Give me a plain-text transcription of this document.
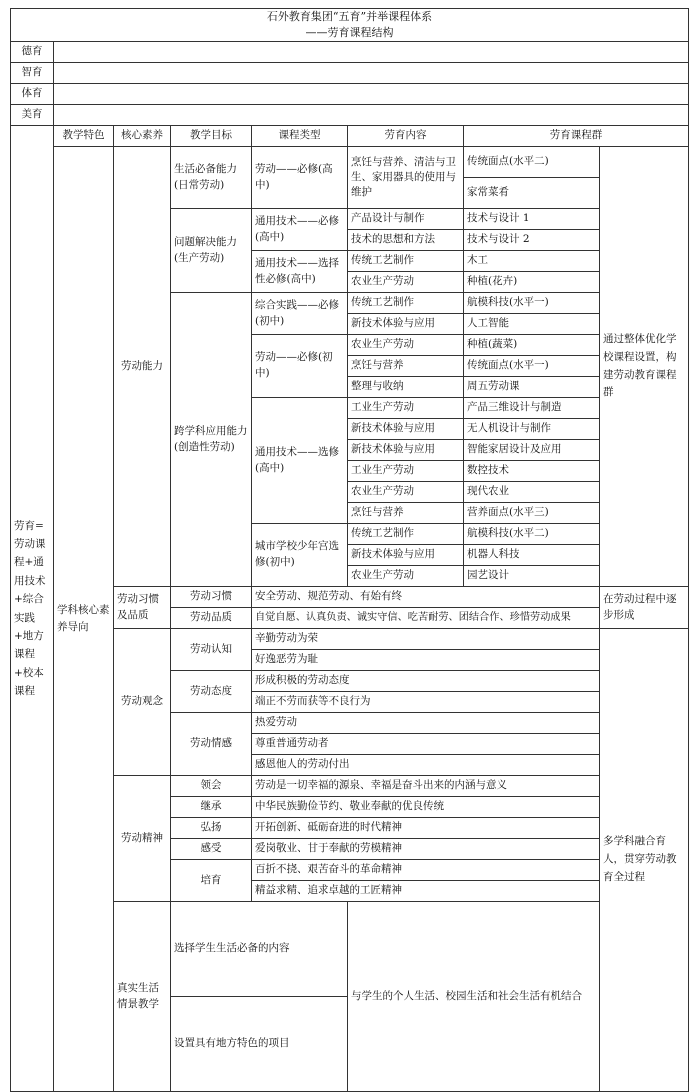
石外教育集团“五育”并举课程体系
——劳育课程结构								

德育								
智育								
体育								
美育								
劳育=劳动课程+通用技术+综合实践+地方课程+校本课程	教学特色	核心素养	教学目标	课程类型	劳育内容	劳育课程群		
	学科核心素养导向	劳动能力	生活必备能力(日常劳动)	劳动——必修(高中)	烹饪与营养、清洁与卫生、家用器具的使用与维护	传统面点(水平二)	通过整体优化学校课程设置，构建劳动教育课程群	
						家常菜肴		
			问题解决能力(生产劳动)	通用技术——必修(高中)	产品设计与制作	技术与设计 1		
					技术的思想和方法	技术与设计 2		
				通用技术——选择性必修(高中)	传统工艺制作	木工		
					农业生产劳动	种植(花卉)		
			跨学科应用能力(创造性劳动)	综合实践——必修(初中)	传统工艺制作	航模科技(水平一)		
					新技术体验与应用	人工智能		
				劳动——必修(初中)	农业生产劳动	种植(蔬菜)		
					烹饪与营养	传统面点(水平一)		
					整理与收纳	周五劳动课		
				通用技术——选修(高中)	工业生产劳动	产品三维设计与制造		
					新技术体验与应用	无人机设计与制作		
					新技术体验与应用	智能家居设计及应用		
					工业生产劳动	数控技术		
					农业生产劳动	现代农业		
					烹饪与营养	营养面点(水平三)		
				城市学校少年宫选修(初中)	传统工艺制作	航模科技(水平二)		
					新技术体验与应用	机器人科技		
					农业生产劳动	园艺设计		
		劳动习惯及品质	劳动习惯	安全劳动、规范劳动、有始有终			在劳动过程中逐步形成	
			劳动品质	自觉自愿、认真负责、诚实守信、吃苦耐劳、团结合作、珍惜劳动成果				
		劳动观念	劳动认知	辛勤劳动为荣			多学科融合育人，贯穿劳动教育全过程	
				好逸恶劳为耻				
			劳动态度	形成积极的劳动态度				
				端正不劳而获等不良行为				
			劳动情感	热爱劳动				
				尊重普通劳动者				
				感恩他人的劳动付出				
		劳动精神	领会	劳动是一切幸福的源泉、幸福是奋斗出来的内涵与意义				
			继承	中华民族勤俭节约、敬业奉献的优良传统				
			弘扬	开拓创新、砥砺奋进的时代精神				
			感受	爱岗敬业、甘于奉献的劳模精神				
			培育	百折不挠、艰苦奋斗的革命精神				
				精益求精、追求卓越的工匠精神				
		真实生活情景教学	选择学生生活必备的内容		与学生的个人生活、校园生活和社会生活有机结合	
			设置具有地方特色的项目					
